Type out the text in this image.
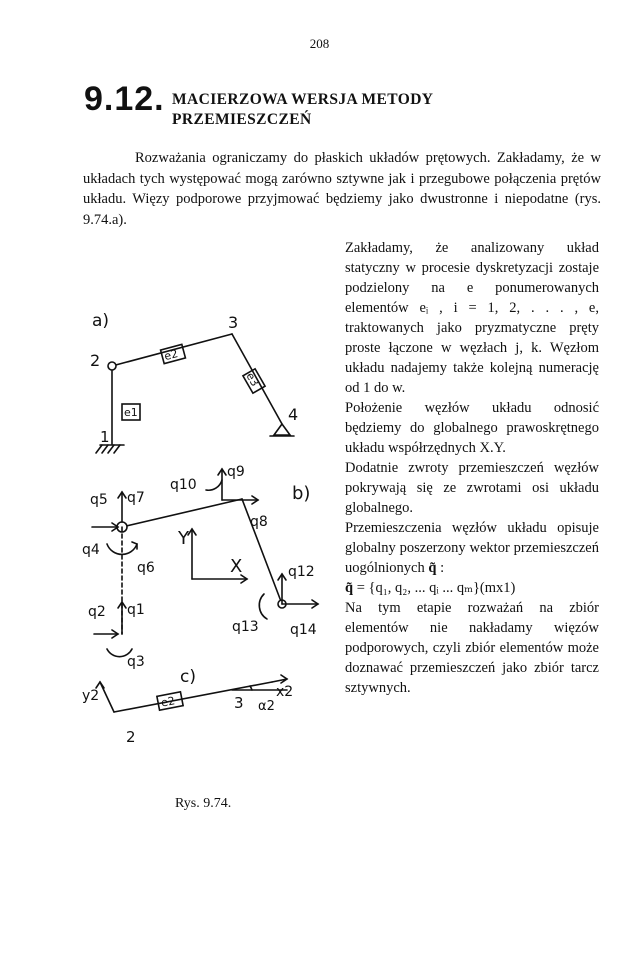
208
9.12. MACIERZOWA WERSJA METODY
PRZEMIESZCZEŃ

Rozważania ograniczamy do płaskich układów prętowych. Zakładamy, że w układach tych występować mogą zarówno sztywne jak i przegubowe połączenia prętów układu. Więzy podporowe przyjmować będziemy jako dwustronne i niepodatne (rys. 9.74.a).

Zakładamy, że analizowany układ statyczny w procesie dyskretyzacji zostaje podzielony na e ponumerowanych elementów eᵢ , i = 1, 2, . . . , e, traktowanych jako pryzmatyczne pręty proste łączone w węzłach j, k. Węzłom układu nadajemy także kolejną numerację od 1 do w.

Położenie węzłów układu odnosić będziemy do globalnego prawoskrętnego układu współrzędnych X.Y.

Dodatnie zwroty przemieszczeń węzłów pokrywają się ze zwrotami osi układu globalnego.

Przemieszczenia węzłów układu opisuje globalny poszerzony wektor przemieszczeń uogólnionych q̃ :

q̃ = {q₁, q₂, ... qᵢ ... qₘ}(mx1)

Na tym etapie rozważań na zbiór elementów nie nakładamy więzów podporowych, czyli zbiór elementów może doznawać przemieszczeń jako zbiór tarcz sztywnych.

a)
2
3
4
1
e2
e3
e1
b)
q5 q7
q4
q6
q10
q9
q8
Y
X	q12
q13 q14
q2 q1
q3
c)
y2	x2
α2
3
2
e2
Rys. 9.74.
